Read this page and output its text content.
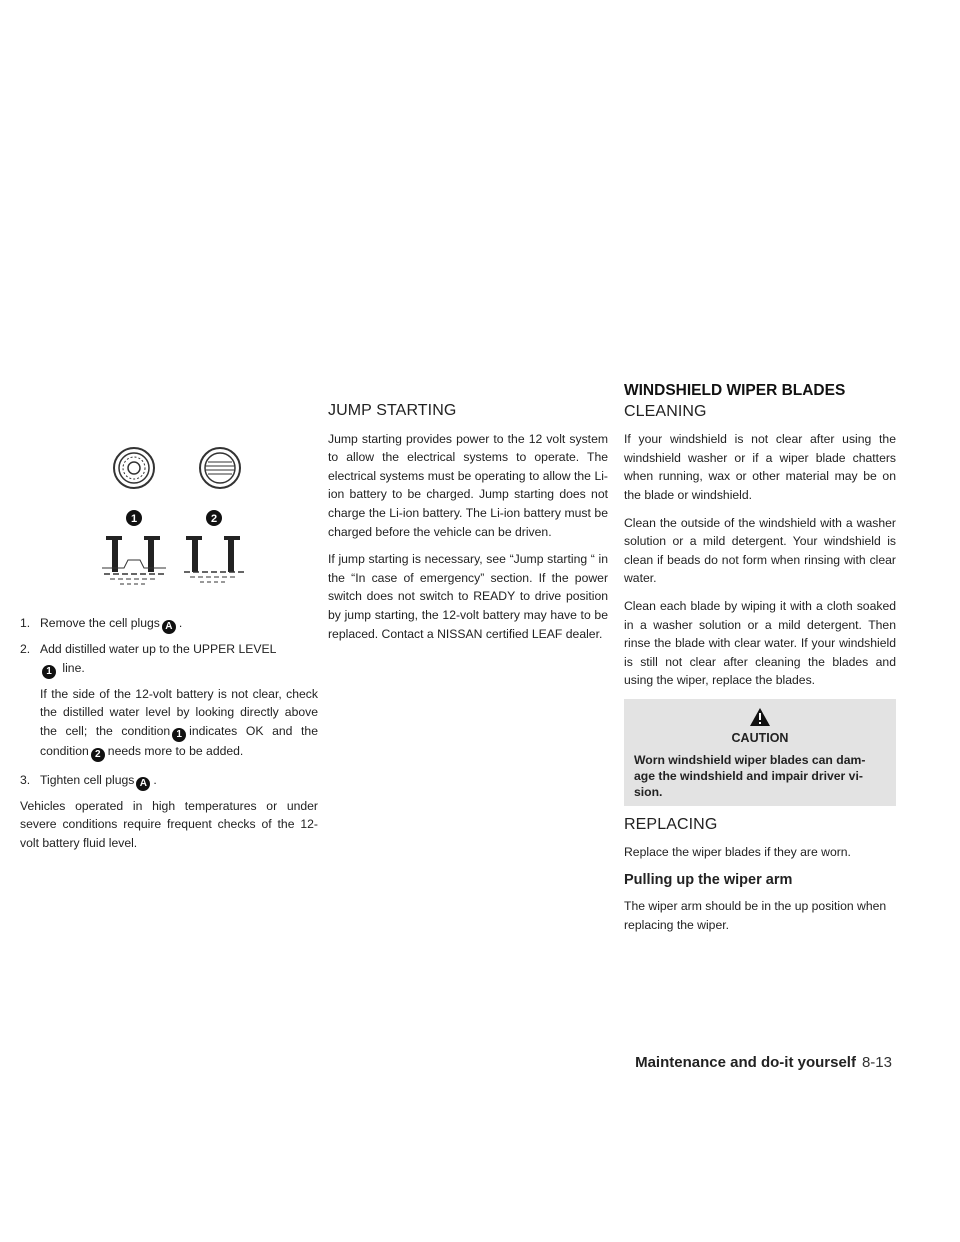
1	2
1. Remove the cell plugs A .
2. Add distilled water up to the UPPER LEVEL
1 line.

If the side of the 12-volt battery is not clear, check the distilled water level by looking directly above the cell; the condition 1 indicates OK and the condition 2 needs more to be added.

3. Tighten cell plugs A .

Vehicles operated in high temperatures or under severe conditions require frequent checks of the 12-volt battery fluid level.

JUMP STARTING

Jump starting provides power to the 12 volt system to allow the electrical systems to operate. The electrical systems must be operating to allow the Li-ion battery to be charged. Jump starting does not charge the Li-ion battery. The Li-ion battery must be charged before the vehicle can be driven.

If jump starting is necessary, see “Jump starting “ in the “In case of emergency” section. If the power switch does not switch to READY to drive position by jump starting, the 12-volt battery may have to be replaced. Contact a NISSAN certified LEAF dealer.

WINDSHIELD WIPER BLADES
CLEANING

If your windshield is not clear after using the windshield washer or if a wiper blade chatters when running, wax or other material may be on the blade or windshield.

Clean the outside of the windshield with a washer solution or a mild detergent. Your windshield is clean if beads do not form when rinsing with clear water.

Clean each blade by wiping it with a cloth soaked in a washer solution or a mild detergent. Then rinse the blade with clear water. If your windshield is still not clear after cleaning the blades and using the wiper, replace the blades.

CAUTION
Worn windshield wiper blades can dam-
age the windshield and impair driver vi-
sion.
REPLACING

Replace the wiper blades if they are worn.

Pulling up the wiper arm

The wiper arm should be in the up position when replacing the wiper.

Maintenance and do-it yourself 8-13
